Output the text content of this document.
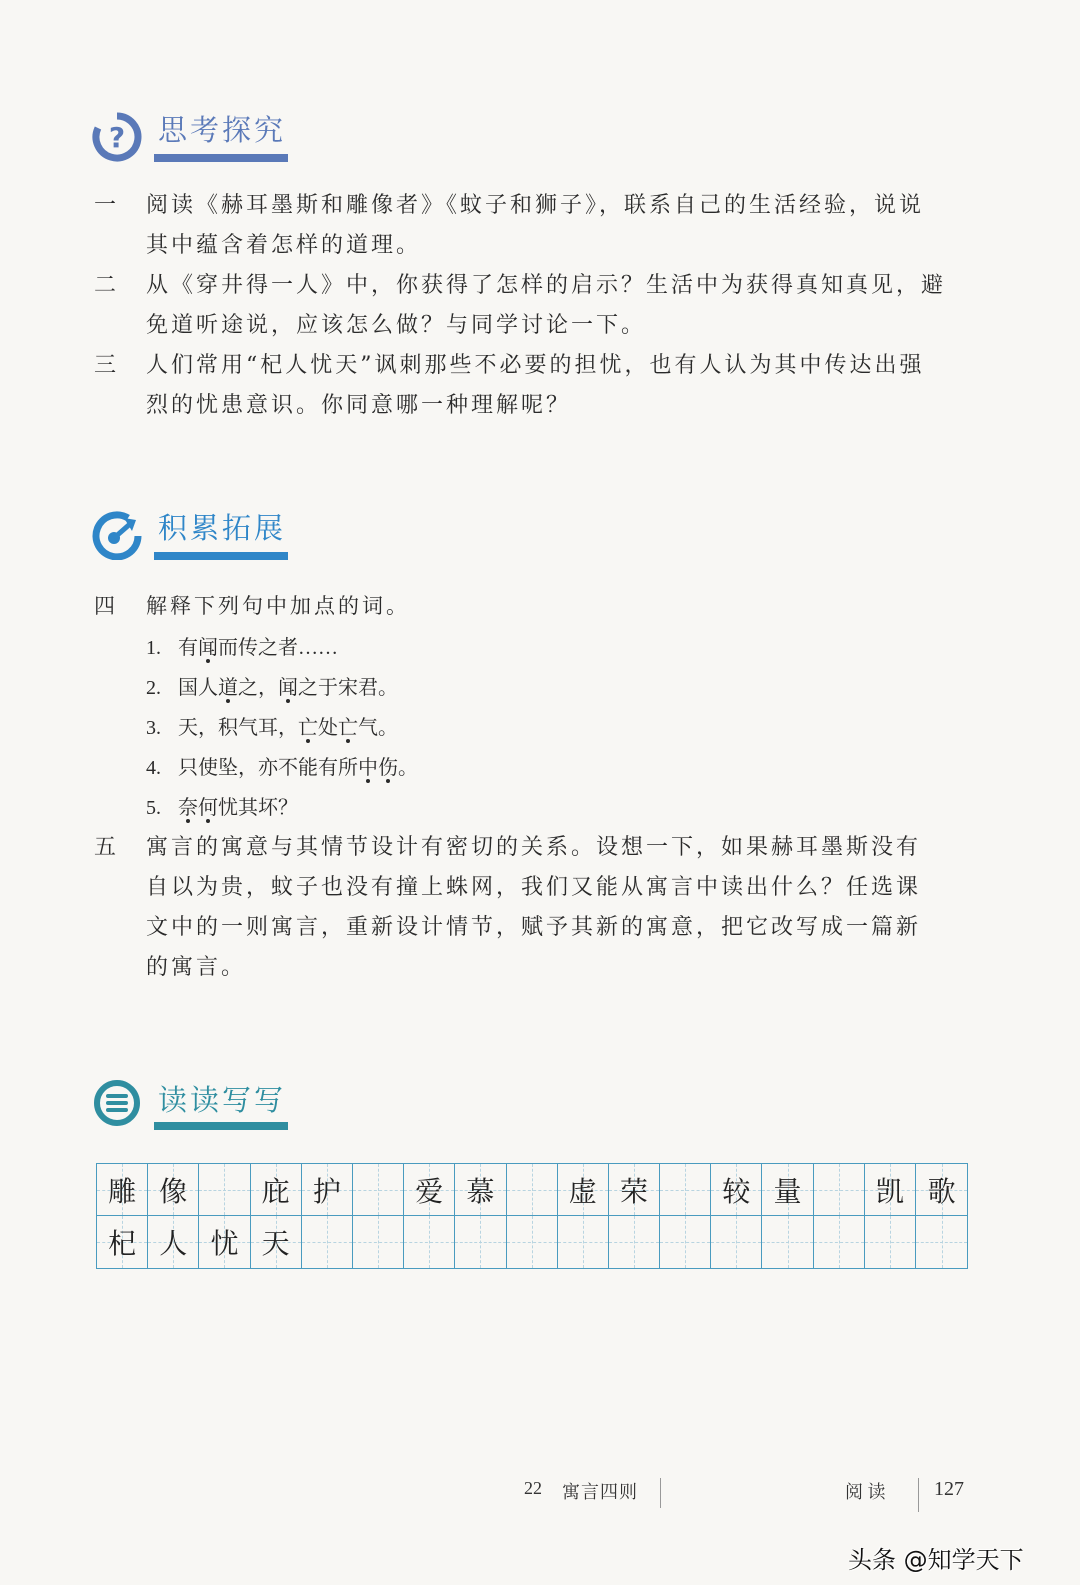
? 思考探究
一	阅读《赫耳墨斯和雕像者》《蚊子和狮子》，联系自己的生活经验，说说
其中蕴含着怎样的道理。
二	从《穿井得一人》中，你获得了怎样的启示？生活中为获得真知真见，避
免道听途说，应该怎么做？与同学讨论一下。
三	人们常用“杞人忧天”讽刺那些不必要的担忧，也有人认为其中传达出强
烈的忧患意识。你同意哪一种理解呢？
积累拓展
四	解释下列句中加点的词。
1. 有闻而传之者……
2. 国人道之，闻之于宋君。
3. 天，积气耳，亡处亡气。
4. 只使坠，亦不能有所中伤。
5. 奈何忧其坏？
五	寓言的寓意与其情节设计有密切的关系。设想一下，如果赫耳墨斯没有
自以为贵，蚊子也没有撞上蛛网，我们又能从寓言中读出什么？任选课
文中的一则寓言，重新设计情节，赋予其新的寓意，把它改写成一篇新
的寓言。
读读写写
雕 像	庇 护	爱 慕	虚 荣	较 量	凯 歌
杞 人 忧 天
22 寓言四则	阅 读 127
头条 @知学天下
